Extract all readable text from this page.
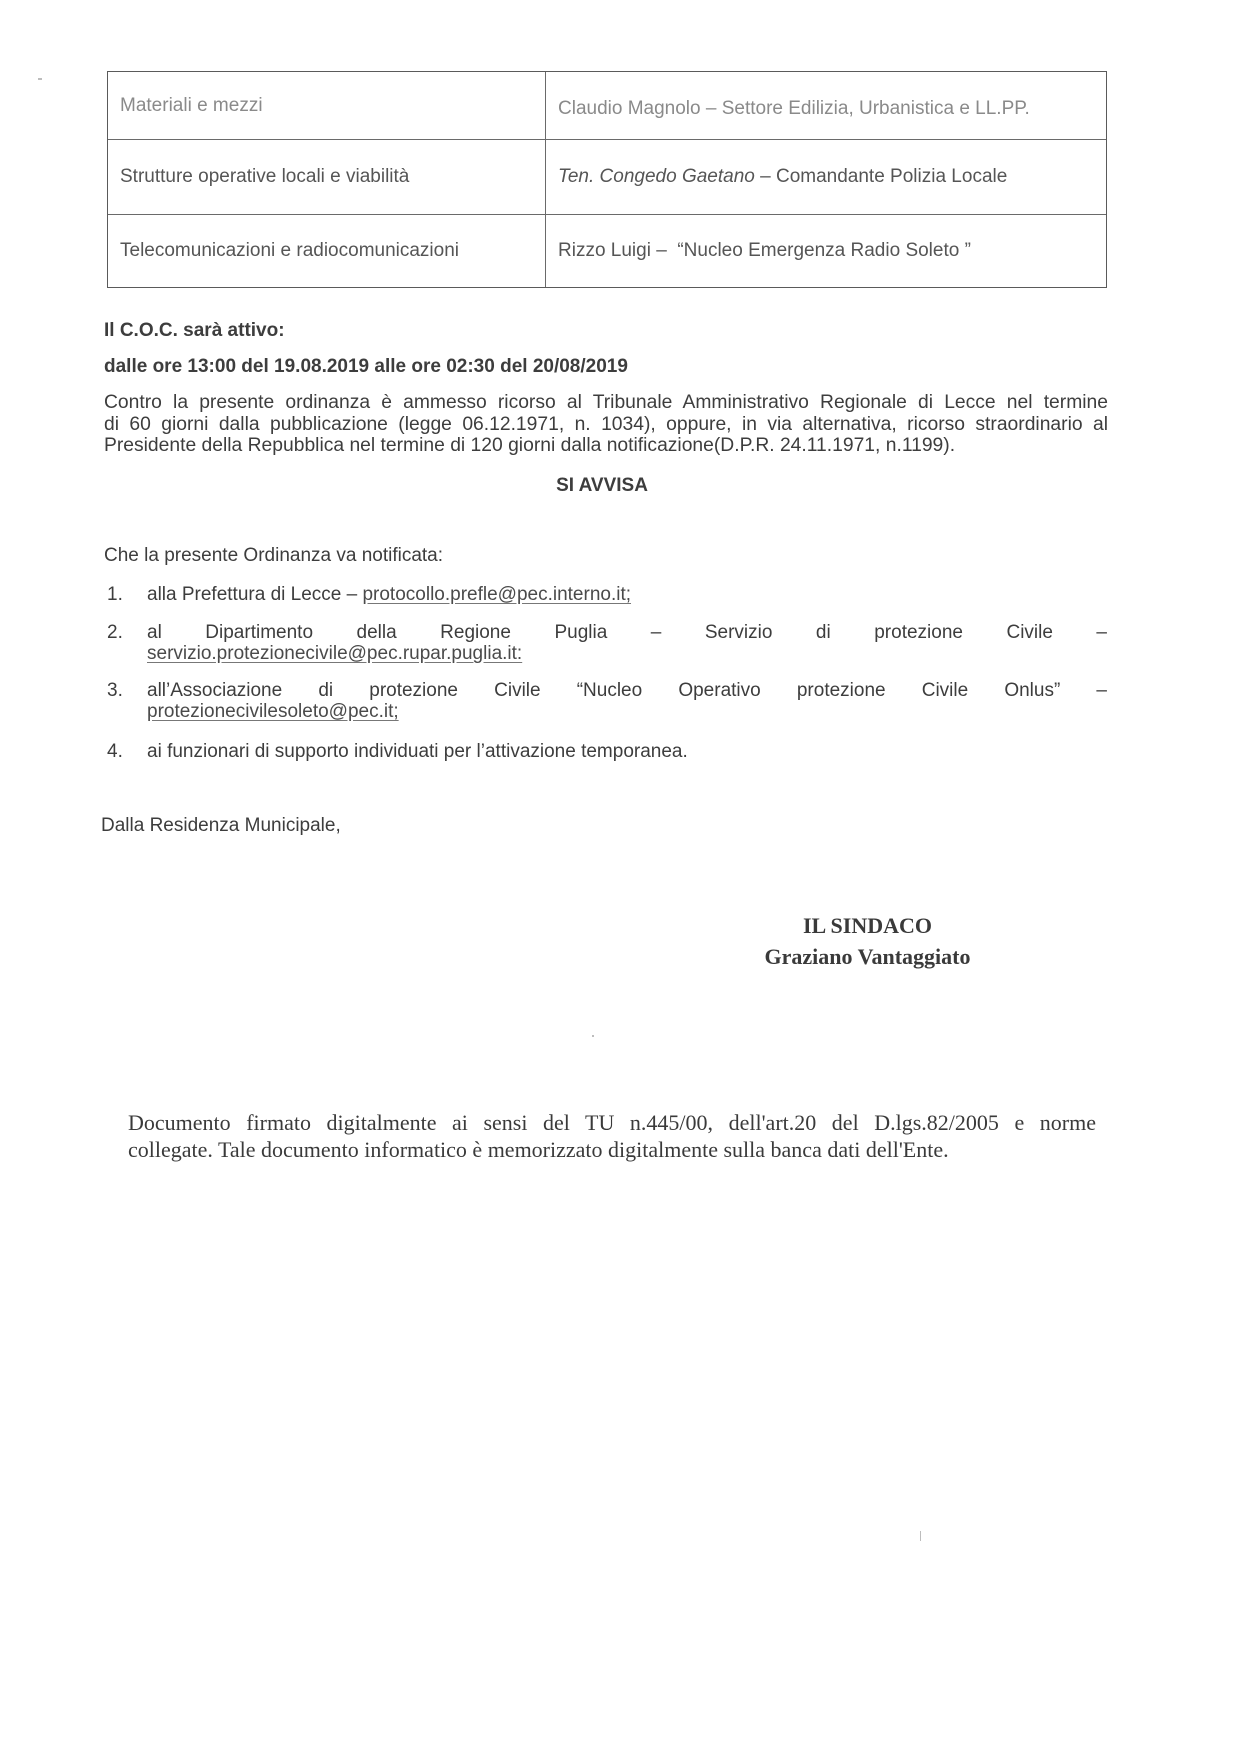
Materiali e mezzi	Claudio Magnolo – Settore Edilizia, Urbanistica e LL.PP.
Strutture operative locali e viabilità	Ten. Congedo Gaetano – Comandante Polizia Locale
Telecomunicazioni e radiocomunicazioni	Rizzo Luigi –  “Nucleo Emergenza Radio Soleto ”
Il C.O.C. sarà attivo:
dalle ore 13:00 del 19.08.2019 alle ore 02:30 del 20/08/2019
Contro la presente ordinanza è ammesso ricorso al Tribunale Amministrativo Regionale di Lecce nel termine
di 60 giorni dalla pubblicazione (legge 06.12.1971, n. 1034), oppure, in via alternativa, ricorso straordinario al
Presidente della Repubblica nel termine di 120 giorni dalla notificazione(D.P.R. 24.11.1971, n.1199).
SI AVVISA
Che la presente Ordinanza va notificata:
1. alla Prefettura di Lecce – protocollo.prefle@pec.interno.it;
2. al Dipartimento della Regione Puglia – Servizio di protezione Civile –
servizio.protezionecivile@pec.rupar.puglia.it:
3. all’Associazione di protezione Civile “Nucleo Operativo protezione Civile Onlus” –
protezionecivilesoleto@pec.it;
4. ai funzionari di supporto individuati per l’attivazione temporanea.
Dalla Residenza Municipale,
IL SINDACO
Graziano Vantaggiato
Documento firmato digitalmente ai sensi del TU n.445/00, dell'art.20 del D.lgs.82/2005 e norme
collegate. Tale documento informatico è memorizzato digitalmente sulla banca dati dell'Ente.
